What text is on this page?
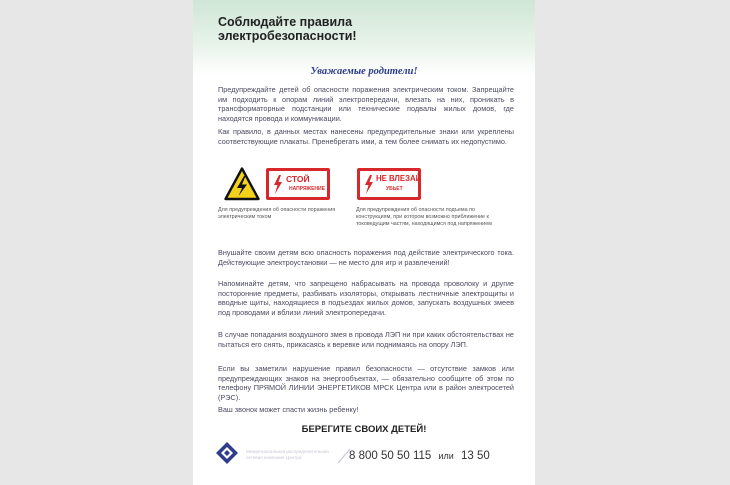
Соблюдайте правила
электробезопасности!
Уважаемые родители!

Предупреждайте детей об опасности поражения электрическим током. Запрещайте им подходить к опорам линий электропередачи, влезать на них, проникать в трансформаторные подстанции или технические подвалы жилых домов, где находятся провода и коммуникации.

Как правило, в данных местах нанесены предупредительные знаки или укреплены соответствующие плакаты. Пренебрегать ими, а тем более снимать их недопустимо.

СТОЙ
НАПРЯЖЕНИЕ
НЕ ВЛЕЗАЙ
УБЬЕТ
Для предупреждения об опасности поражения электрическим током
Для предупреждения об опасности подъема по конструкциям, при котором возможно приближение к токоведущим частям, находящимся под напряжением

Внушайте своим детям всю опасность поражения под действие электрического тока. Действующие электроустановки — не место для игр и развлечений!

Напоминайте детям, что запрещено набрасывать на провода проволоку и другие посторонние предметы, разбивать изоляторы, открывать лестничные электрощиты и вводные щиты, находящиеся в подъездах жилых домов, запускать воздушных змеев под проводами и вблизи линий электропередачи.

В случае попадания воздушного змея в провода ЛЭП ни при каких обстоятельствах не пытаться его снять, прикасаясь к веревке или поднимаясь на опору ЛЭП.

Если вы заметили нарушение правил безопасности — отсутствие замков или предупреждающих знаков на энергообъектах, — обязательно сообщите об этом по телефону ПРЯМОЙ ЛИНИИ ЭНЕРГЕТИКОВ МРСК Центра или в район электросетей (РЭС).

Ваш звонок может спасти жизнь ребенку!

БЕРЕГИТЕ СВОИХ ДЕТЕЙ!
Межрегиональная распределительная сетевая компания Центра	8 800 50 50 115 или 13 50
